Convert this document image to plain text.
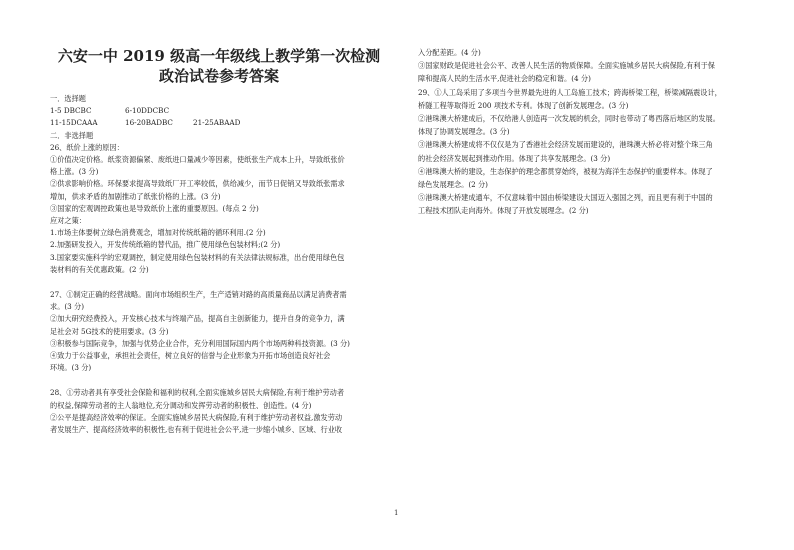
六安一中 2019 级高一年级线上教学第一次检测
政治试卷参考答案
一．选择题
1-5 DBCBC	6-10DDCBC
11-15DCAAA	16-20BADBC	21-25ABAAD
二．非选择题
26、纸价上涨的原因：
①价值决定价格。纸浆资源偏紧、废纸进口量减少等因素，使纸张生产成本上升，导致纸张价
格上涨。(3 分)
②供求影响价格。环保要求提高导致纸厂开工率较低，供给减少，而节日促销又导致纸张需求
增加，供求矛盾的加剧推动了纸张价格的上涨。(3 分)
③国家的宏观调控政策也是导致纸价上涨的重要原因。(每点 2 分)
应对之策：
1.市场主体要树立绿色消费观念，增加对传统纸箱的循环利用.(2 分)
2.加强研发投入，开发传统纸箱的替代品，推广使用绿色包装材料;(2 分)
3.国家要实施科学的宏观调控，制定使用绿色包装材料的有关法律法规标准，出台使用绿色包
装材料的有关优惠政策。(2 分)
27、①制定正确的经营战略。面向市场组织生产，生产适销对路的高质量商品以满足消费者需
求。(3 分)
②加大研究经费投入，开发核心技术与终端产品，提高自主创新能力，提升自身的竞争力，满
足社会对 5G技术的使用要求。(3 分)
③积极参与国际竞争，加强与优势企业合作，充分利用国际国内两个市场两种科技资源。(3 分)
④致力于公益事业，承担社会责任，树立良好的信誉与企业形象为开拓市场创造良好社会
环境。(3 分)
28、①劳动者具有享受社会保险和福利的权利,全面实施城乡居民大病保险,有利于维护劳动者
的权益,保障劳动者的主人翁地位,充分调动和发挥劳动者的积极性、创造性。(4 分)
②公平是提高经济效率的保证。全面实施城乡居民大病保险,有利于维护劳动者权益,激发劳动
者发展生产、提高经济效率的积极性,也有利于促进社会公平,进一步缩小城乡、区域、行业收
入分配差距。(4 分)
③国家财政是促进社会公平、改善人民生活的物质保障。全面实施城乡居民大病保险,有利于保
障和提高人民的生活水平,促进社会的稳定和谐。(4 分)
29、①人工岛采用了多项当今世界最先进的人工岛施工技术；跨海桥梁工程，桥梁减隔震设计，
桥隧工程等取得近 200 项技术专利。体现了创新发展理念。(3 分)
②港珠澳大桥建成后，不仅给港人创造再一次发展的机会，同时也带动了粤西落后地区的发展。
体现了协调发展理念。(3 分)
③港珠澳大桥建成将不仅仅是为了香港社会经济发展而建设的，港珠澳大桥必将对整个珠三角
的社会经济发展起到推动作用。体现了共享发展理念。(3 分)
④港珠澳大桥的建设，生态保护的理念都贯穿始终，被视为海洋生态保护的重要样本。体现了
绿色发展理念。(2 分)
⑤港珠澳大桥建成通车，不仅意味着中国由桥梁建设大国迈入强国之列，而且更有利于中国的
工程技术团队走向海外。体现了开放发展理念。(2 分)
1
